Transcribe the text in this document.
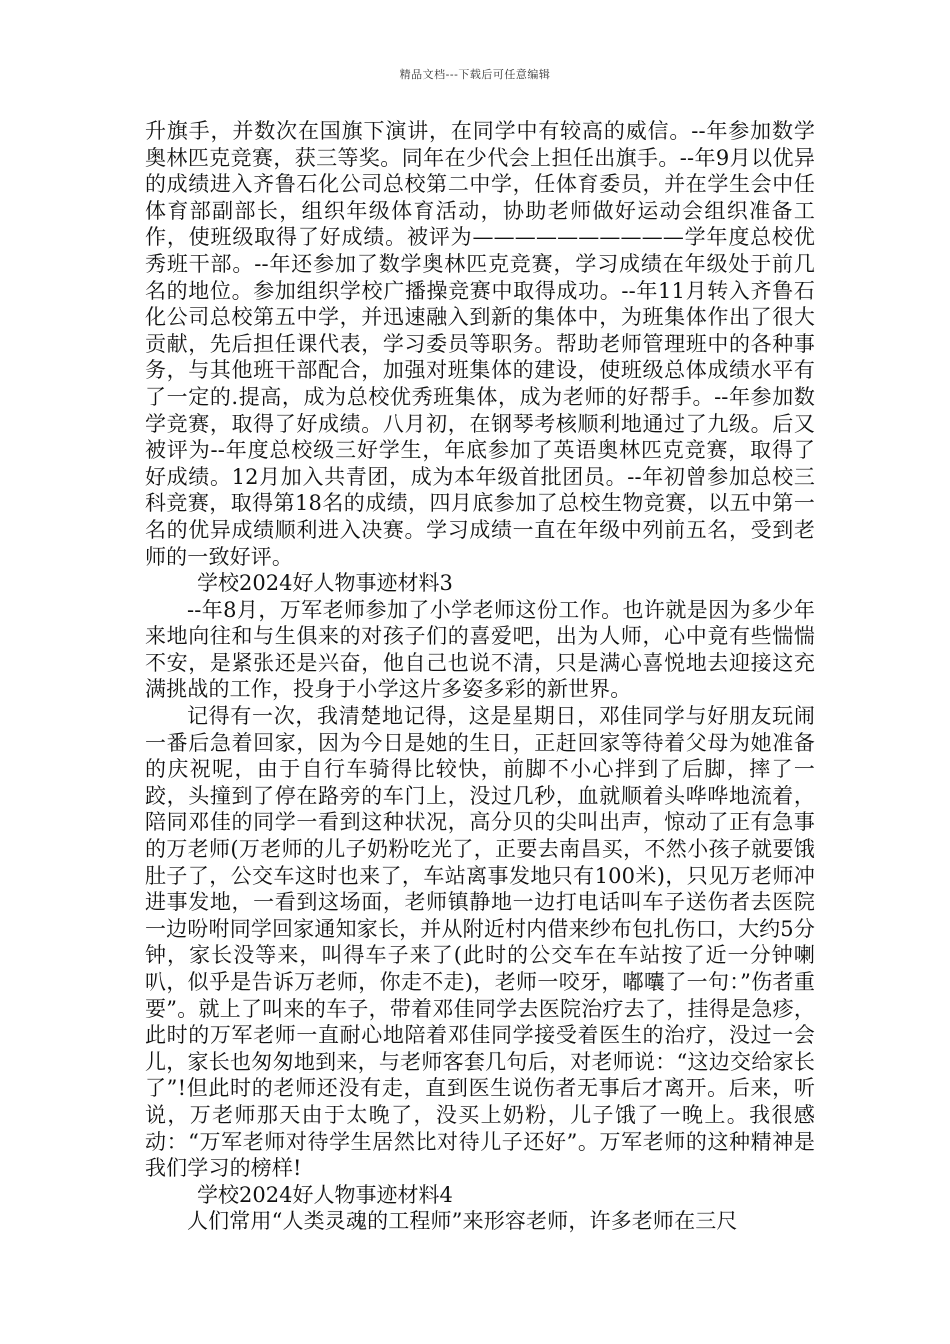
精品文档---下载后可任意编辑

升旗手，并数次在国旗下演讲，在同学中有较高的威信。--年参加数学奥林匹克竞赛，获三等奖。同年在少代会上担任出旗手。--年9月以优异的成绩进入齐鲁石化公司总校第二中学，任体育委员，并在学生会中任体育部副部长，组织年级体育活动，协助老师做好运动会组织准备工作，使班级取得了好成绩。被评为——————————学年度总校优秀班干部。--年还参加了数学奥林匹克竞赛，学习成绩在年级处于前几名的地位。参加组织学校广播操竞赛中取得成功。--年11月转入齐鲁石化公司总校第五中学，并迅速融入到新的集体中，为班集体作出了很大贡献，先后担任课代表，学习委员等职务。帮助老师管理班中的各种事务，与其他班干部配合，加强对班集体的建设，使班级总体成绩水平有了一定的.提高，成为总校优秀班集体，成为老师的好帮手。--年参加数学竞赛，取得了好成绩。八月初，在钢琴考核顺利地通过了九级。后又被评为--年度总校级三好学生，年底参加了英语奥林匹克竞赛，取得了好成绩。12月加入共青团，成为本年级首批团员。--年初曾参加总校三科竞赛，取得第18名的成绩，四月底参加了总校生物竞赛，以五中第一名的优异成绩顺利进入决赛。学习成绩一直在年级中列前五名，受到老师的一致好评。

学校2024好人物事迹材料3

--年8月，万军老师参加了小学老师这份工作。也许就是因为多少年来地向往和与生俱来的对孩子们的喜爱吧，出为人师，心中竟有些惴惴不安，是紧张还是兴奋，他自己也说不清，只是满心喜悦地去迎接这充满挑战的工作，投身于小学这片多姿多彩的新世界。

记得有一次，我清楚地记得，这是星期日，邓佳同学与好朋友玩闹一番后急着回家，因为今日是她的生日，正赶回家等待着父母为她准备的庆祝呢，由于自行车骑得比较快，前脚不小心拌到了后脚，摔了一跤，头撞到了停在路旁的车门上，没过几秒，血就顺着头哗哗地流着，陪同邓佳的同学一看到这种状况，高分贝的尖叫出声，惊动了正有急事的万老师(万老师的儿子奶粉吃光了，正要去南昌买，不然小孩子就要饿肚子了，公交车这时也来了，车站离事发地只有100米)，只见万老师冲进事发地，一看到这场面，老师镇静地一边打电话叫车子送伤者去医院一边吩咐同学回家通知家长，并从附近村内借来纱布包扎伤口，大约5分钟，家长没等来，叫得车子来了(此时的公交车在车站按了近一分钟喇叭，似乎是告诉万老师，你走不走)，老师一咬牙，嘟囔了一句：”伤者重要”。就上了叫来的车子，带着邓佳同学去医院治疗去了，挂得是急疹，此时的万军老师一直耐心地陪着邓佳同学接受着医生的治疗，没过一会儿，家长也匆匆地到来，与老师客套几句后，对老师说：“这边交给家长了”!但此时的老师还没有走，直到医生说伤者无事后才离开。后来，听说，万老师那天由于太晚了，没买上奶粉，儿子饿了一晚上。我很感动：“万军老师对待学生居然比对待儿子还好”。万军老师的这种精神是我们学习的榜样!

学校2024好人物事迹材料4

人们常用“人类灵魂的工程师”来形容老师，许多老师在三尺
